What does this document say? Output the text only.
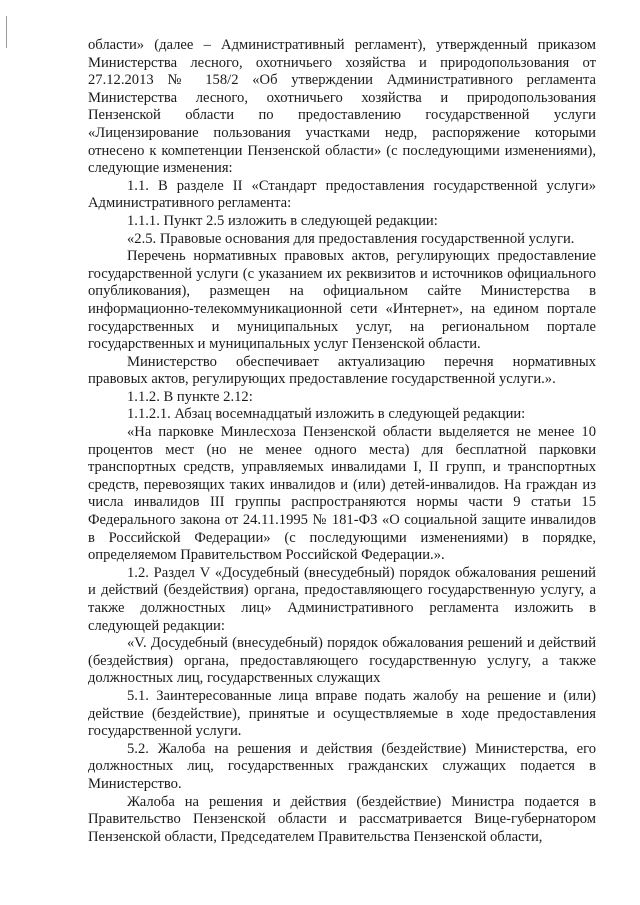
области» (далее – Административный регламент), утвержденный приказом Министерства лесного, охотничьего хозяйства и природопользования от 27.12.2013 № 158/2 «Об утверждении Административного регламента Министерства лесного, охотничьего хозяйства и природопользования Пензенской области по предоставлению государственной услуги «Лицензирование пользования участками недр, распоряжение которыми отнесено к компетенции Пензенской области» (с последующими изменениями), следующие изменения:

1.1. В разделе II «Стандарт предоставления государственной услуги» Административного регламента:

1.1.1. Пункт 2.5 изложить в следующей редакции:

«2.5. Правовые основания для предоставления государственной услуги.

Перечень нормативных правовых актов, регулирующих предоставление государственной услуги (с указанием их реквизитов и источников официального опубликования), размещен на официальном сайте Министерства в информационно-телекоммуникационной сети «Интернет», на едином портале государственных и муниципальных услуг, на региональном портале государственных и муниципальных услуг Пензенской области.

Министерство обеспечивает актуализацию перечня нормативных правовых актов, регулирующих предоставление государственной услуги.».

1.1.2. В пункте 2.12:

1.1.2.1. Абзац восемнадцатый изложить в следующей редакции:

«На парковке Минлесхоза Пензенской области выделяется не менее 10 процентов мест (но не менее одного места) для бесплатной парковки транспортных средств, управляемых инвалидами I, II групп, и транспортных средств, перевозящих таких инвалидов и (или) детей-инвалидов. На граждан из числа инвалидов III группы распространяются нормы части 9 статьи 15 Федерального закона от 24.11.1995 № 181-ФЗ «О социальной защите инвалидов в Российской Федерации» (с последующими изменениями) в порядке, определяемом Правительством Российской Федерации.».

1.2. Раздел V «Досудебный (внесудебный) порядок обжалования решений и действий (бездействия) органа, предоставляющего государственную услугу, а также должностных лиц» Административного регламента изложить в следующей редакции:

«V. Досудебный (внесудебный) порядок обжалования решений и действий (бездействия) органа, предоставляющего государственную услугу, а также должностных лиц, государственных служащих

5.1. Заинтересованные лица вправе подать жалобу на решение и (или) действие (бездействие), принятые и осуществляемые в ходе предоставления государственной услуги.

5.2. Жалоба на решения и действия (бездействие) Министерства, его должностных лиц, государственных гражданских служащих подается в Министерство.

Жалоба на решения и действия (бездействие) Министра подается в Правительство Пензенской области и рассматривается Вице-губернатором Пензенской области, Председателем Правительства Пензенской области,
